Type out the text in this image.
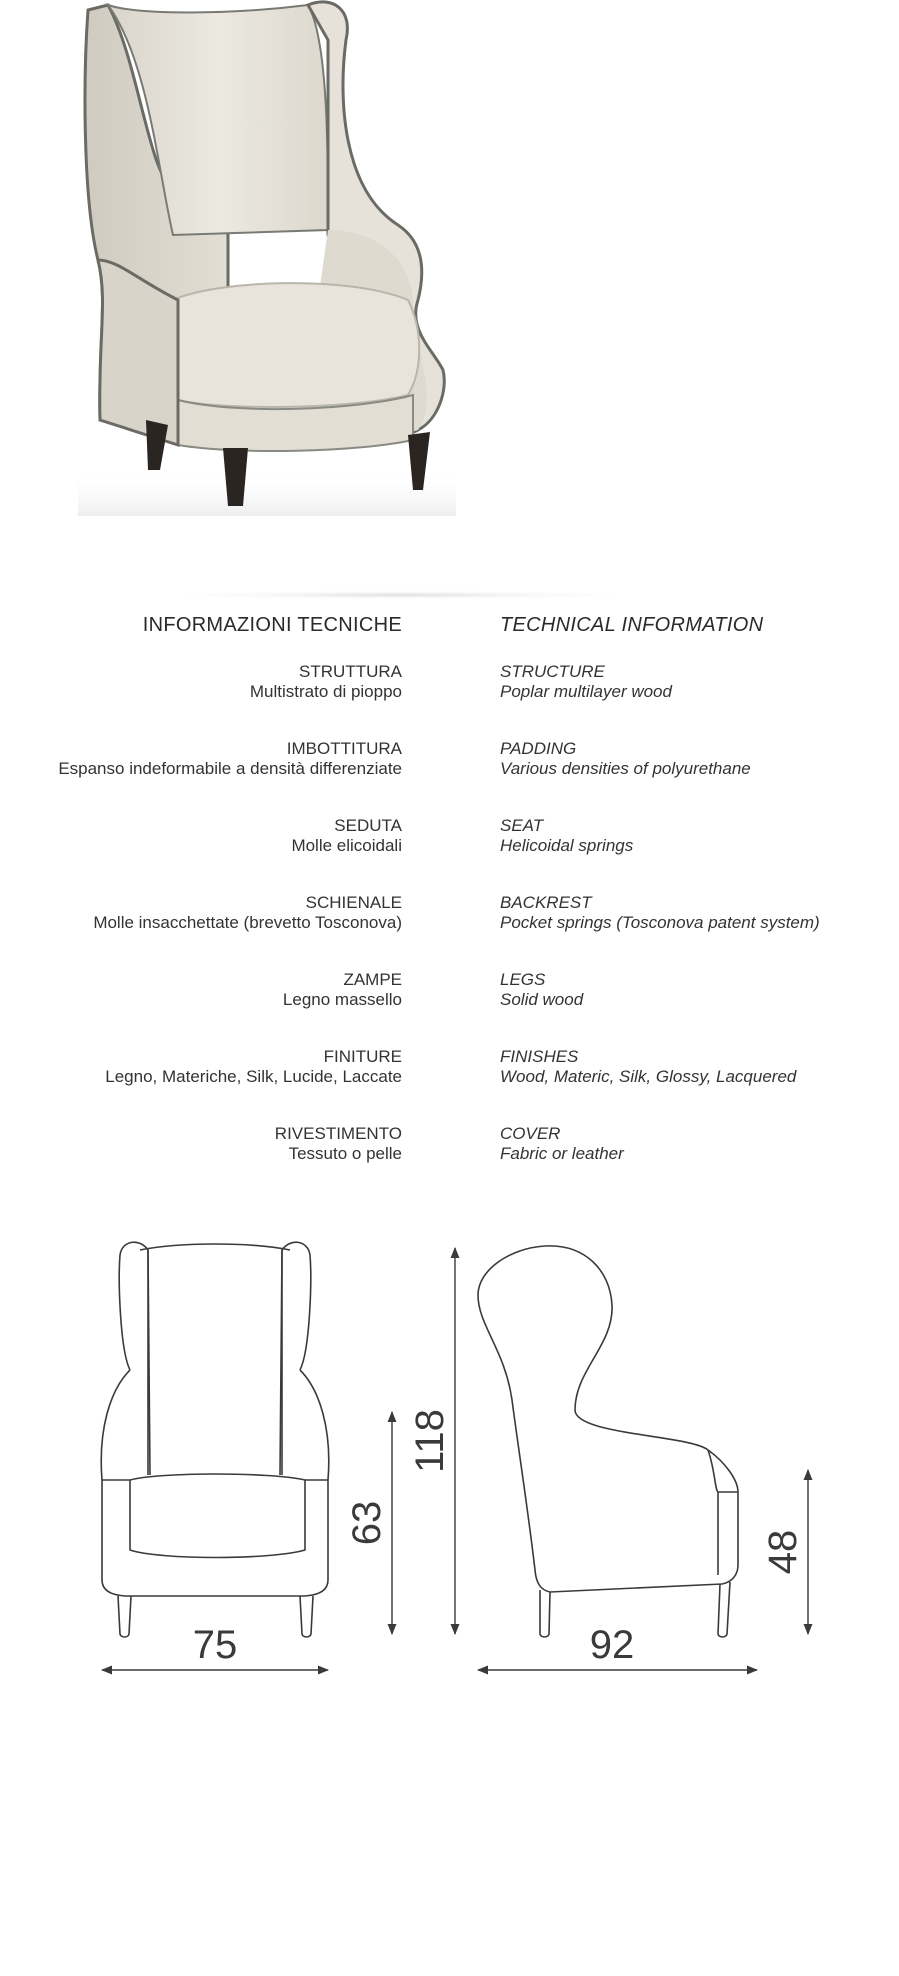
INFORMAZIONI TECNICHE
STRUTTURA
Multistrato di pioppo
IMBOTTITURA
Espanso indeformabile a densità differenziate
SEDUTA
Molle elicoidali
SCHIENALE
Molle insacchettate (brevetto Tosconova)
ZAMPE
Legno massello
FINITURE
Legno, Materiche, Silk, Lucide, Laccate
RIVESTIMENTO
Tessuto o pelle
TECHNICAL INFORMATION
STRUCTURE
Poplar multilayer wood
PADDING
Various densities of polyurethane
SEAT
Helicoidal springs
BACKREST
Pocket springs (Tosconova patent system)
LEGS
Solid wood
FINISHES
Wood, Materic, Silk, Glossy, Lacquered
COVER
Fabric or leather
75
63
118
92
48
